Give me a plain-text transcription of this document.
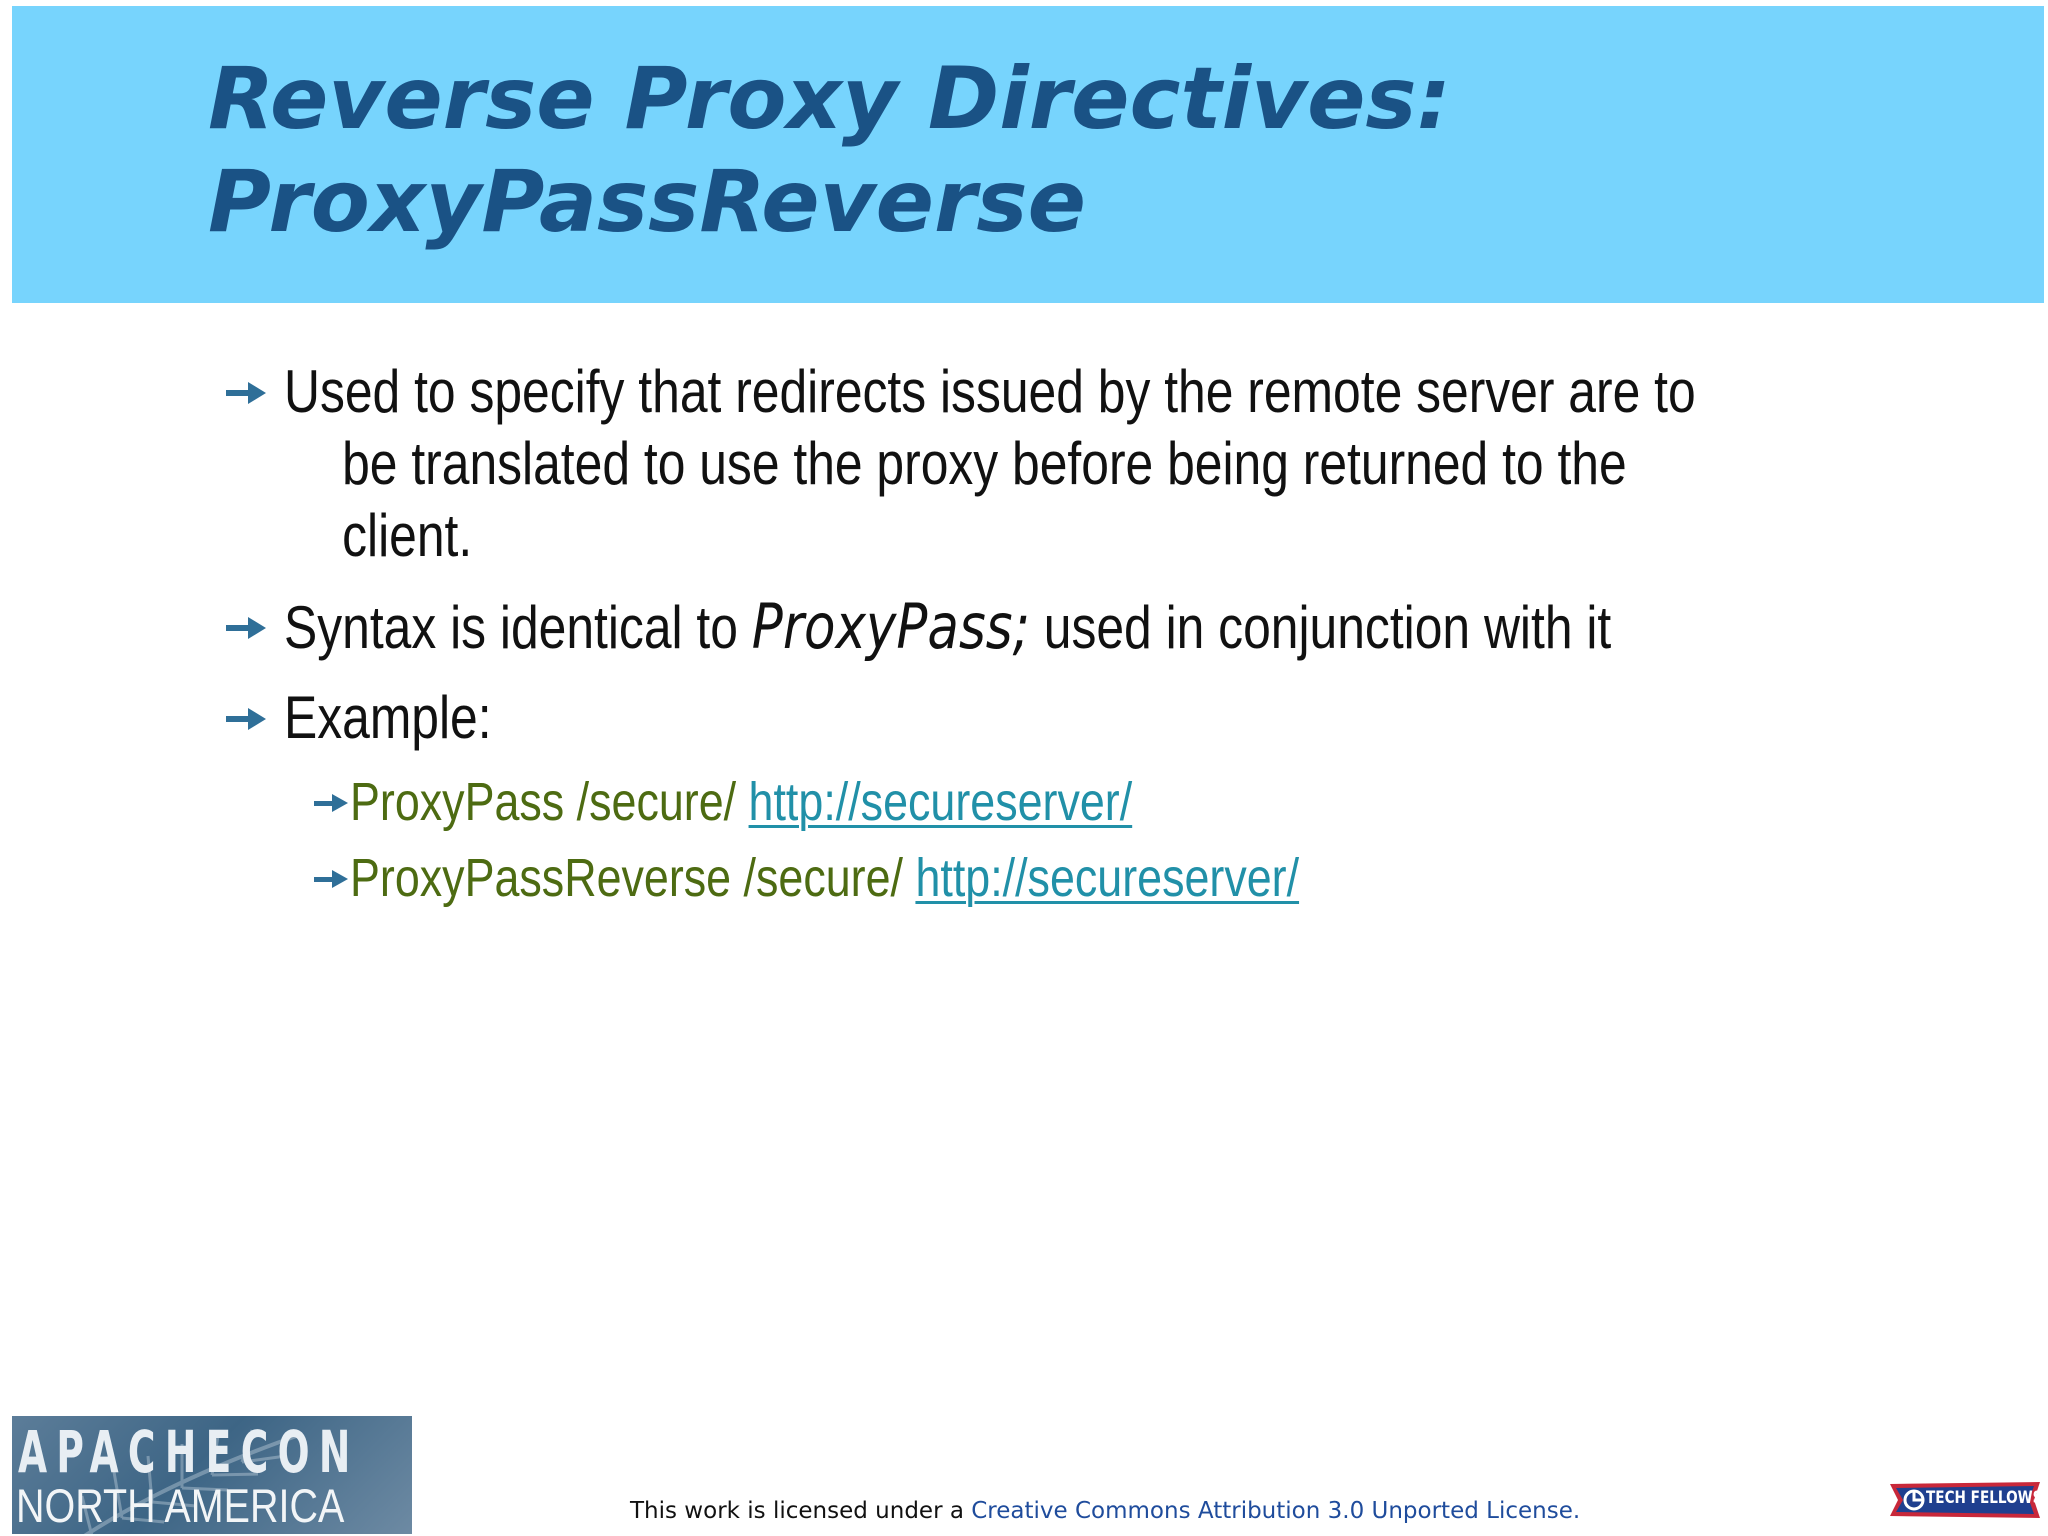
Reverse Proxy Directives:
ProxyPassReverse
Used to specify that redirects issued by the remote server are to
be translated to use the proxy before being returned to the
client.
Syntax is identical to ProxyPass; used in conjunction with it
Example:
ProxyPass /secure/ http://secureserver/
ProxyPassReverse /secure/ http://secureserver/
APACHECON
NORTH AMERICA	This work is licensed under a Creative Commons Attribution 3.0 Unported License.	TECH FELLOWS
